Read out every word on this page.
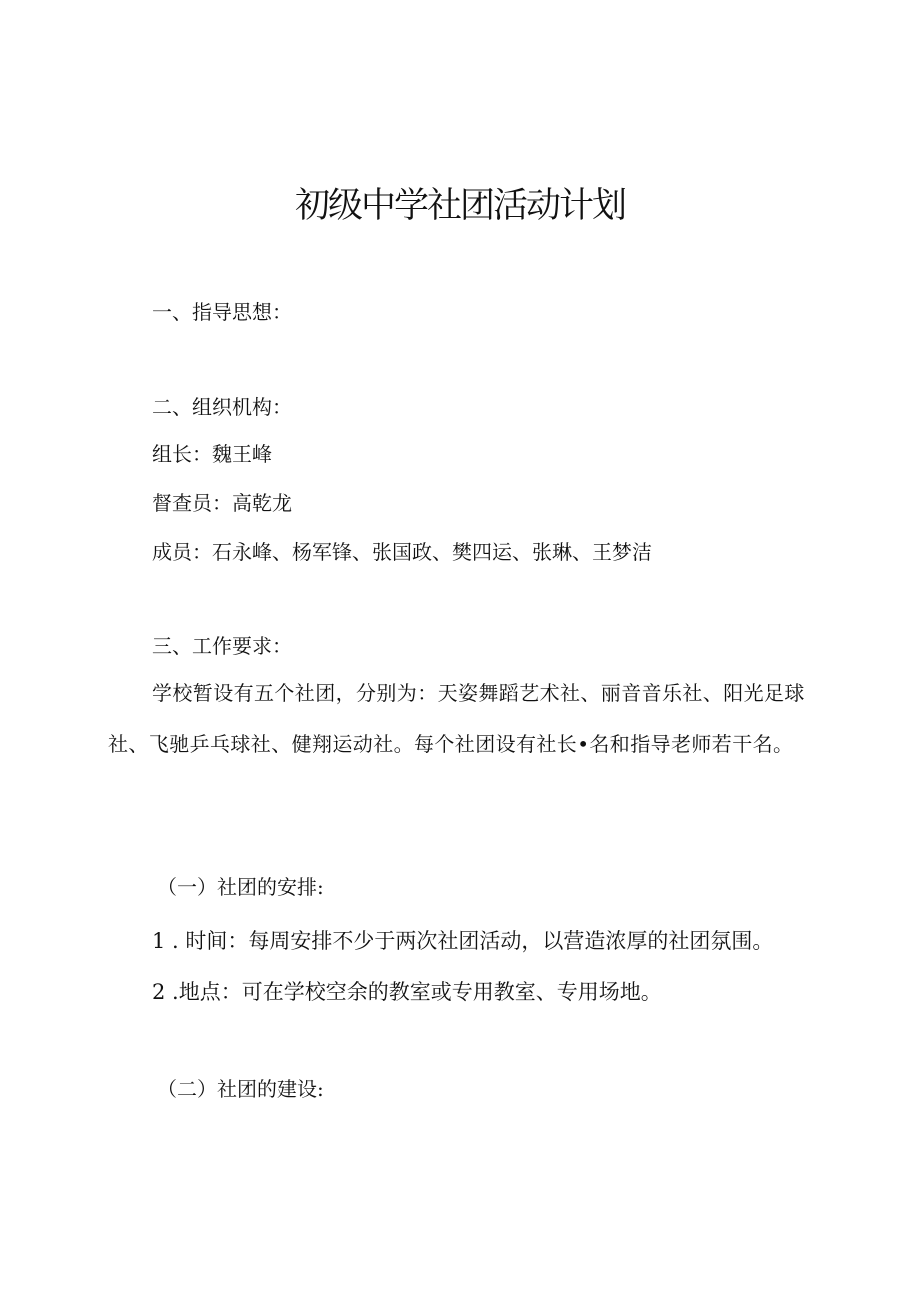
初级中学社团活动计划

一、指导思想：

二、组织机构：

组长：魏王峰

督查员：高乾龙

成员：石永峰、杨军锋、张国政、樊四运、张琳、王梦洁

三、工作要求：

学校暂设有五个社团，分别为：天姿舞蹈艺术社、丽音音乐社、阳光足球社、飞驰乒乓球社、健翔运动社。每个社团设有社长•名和指导老师若干名。

（一）社团的安排:

1 . 时间：每周安排不少于两次社团活动，以营造浓厚的社团氛围。

2 .地点：可在学校空余的教室或专用教室、专用场地。

（二）社团的建设:
